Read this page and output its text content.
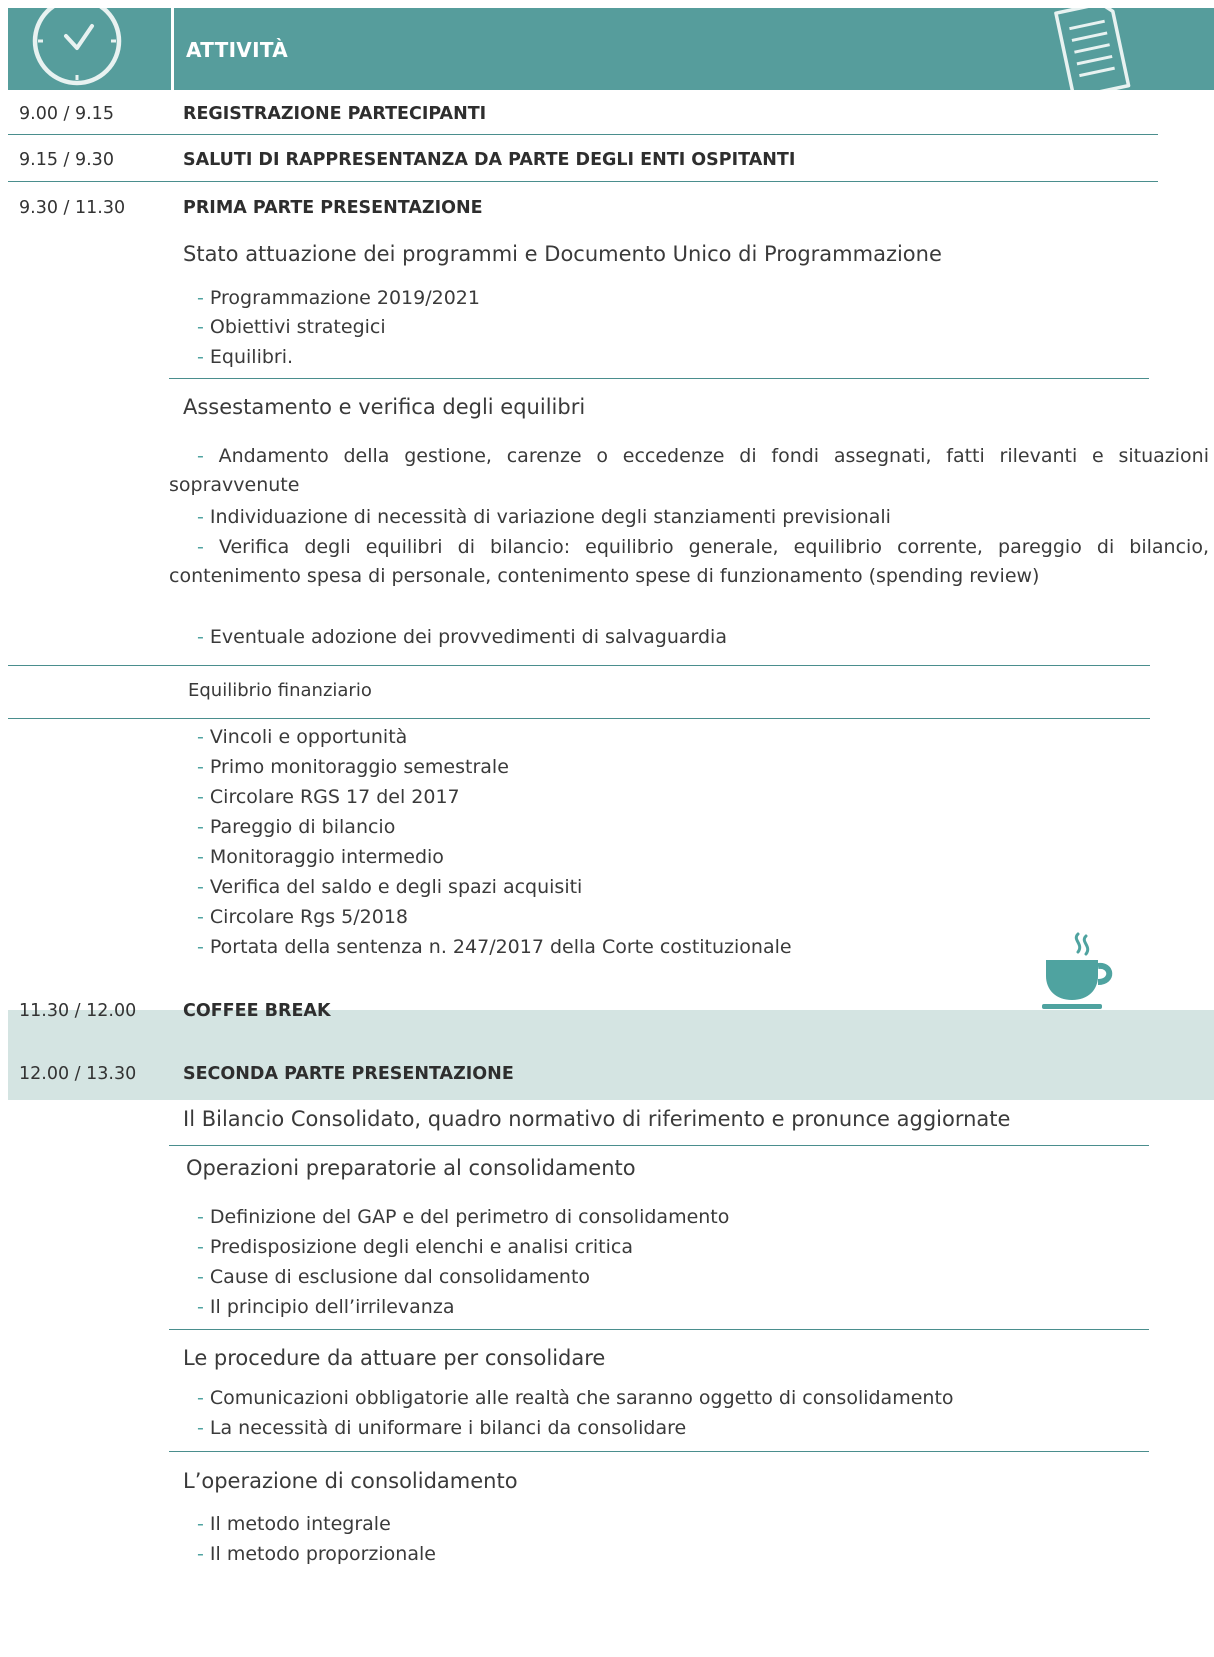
ATTIVITÀ
9.00 / 9.15	REGISTRAZIONE PARTECIPANTI
9.15 / 9.30	SALUTI DI RAPPRESENTANZA DA PARTE DEGLI ENTI OSPITANTI
9.30 / 11.30	PRIMA PARTE PRESENTAZIONE
Stato attuazione dei programmi e Documento Unico di Programmazione
- Programmazione 2019/2021
- Obiettivi strategici
- Equilibri.
Assestamento e verifica degli equilibri
- Andamento della gestione, carenze o eccedenze di fondi assegnati, fatti rilevanti e situazioni sopravvenute
- Individuazione di necessità di variazione degli stanziamenti previsionali
- Verifica degli equilibri di bilancio: equilibrio generale, equilibrio corrente, pareggio di bilancio, contenimento spesa di personale, contenimento spese di funzionamento (spending review)
- Eventuale adozione dei provvedimenti di salvaguardia
Equilibrio finanziario
- Vincoli e opportunità
- Primo monitoraggio semestrale
- Circolare RGS 17 del 2017
- Pareggio di bilancio
- Monitoraggio intermedio
- Verifica del saldo e degli spazi acquisiti
- Circolare Rgs 5/2018
- Portata della sentenza n. 247/2017 della Corte costituzionale
11.30 / 12.00	COFFEE BREAK
12.00 / 13.30	SECONDA PARTE PRESENTAZIONE
Il Bilancio Consolidato, quadro normativo di riferimento e pronunce aggiornate
Operazioni preparatorie al consolidamento
- Definizione del GAP e del perimetro di consolidamento
- Predisposizione degli elenchi e analisi critica
- Cause di esclusione dal consolidamento
- Il principio dell’irrilevanza
Le procedure da attuare per consolidare
- Comunicazioni obbligatorie alle realtà che saranno oggetto di consolidamento
- La necessità di uniformare i bilanci da consolidare
L’operazione di consolidamento
- Il metodo integrale
- Il metodo proporzionale
